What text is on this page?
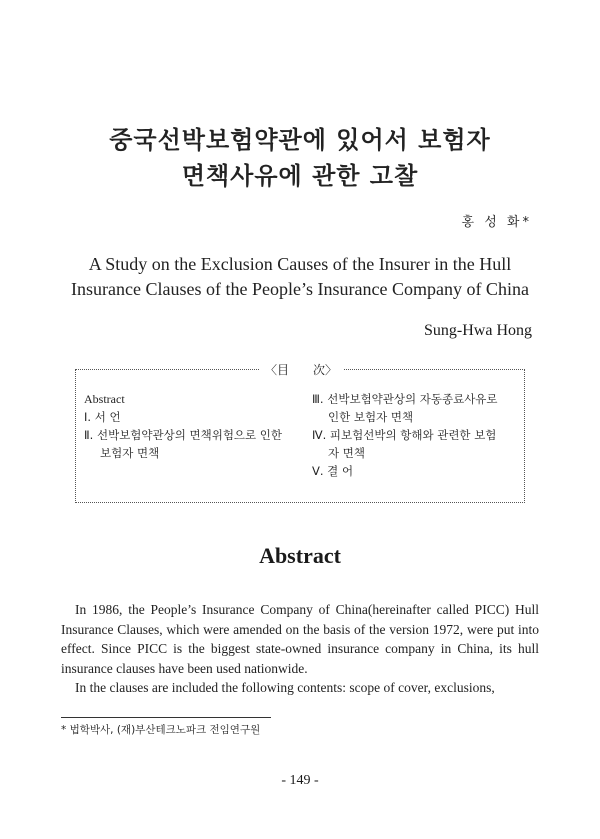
중국선박보험약관에 있어서 보험자
면책사유에 관한 고찰
홍 성 화*
A Study on the Exclusion Causes of the Insurer in the Hull
Insurance Clauses of the People’s Insurance Company of China
Sung-Hwa Hong
〈目　　次〉
Abstract
Ⅰ. 서 언
Ⅱ. 선박보험약관상의 면책위험으로 인한
보험자 면책
Ⅲ. 선박보험약관상의 자동종료사유로
인한 보험자 면책
Ⅳ. 피보험선박의 항해와 관련한 보험
자 면책
Ⅴ. 결 어
Abstract

In 1986, the People’s Insurance Company of China(hereinafter called PICC) Hull Insurance Clauses, which were amended on the basis of the version 1972, were put into effect. Since PICC is the biggest state-owned insurance company in China, its hull insurance clauses have been used nationwide.

In the clauses are included the following contents: scope of cover, exclusions,

* 법학박사, (재)부산테크노파크 전임연구원
- 149 -
